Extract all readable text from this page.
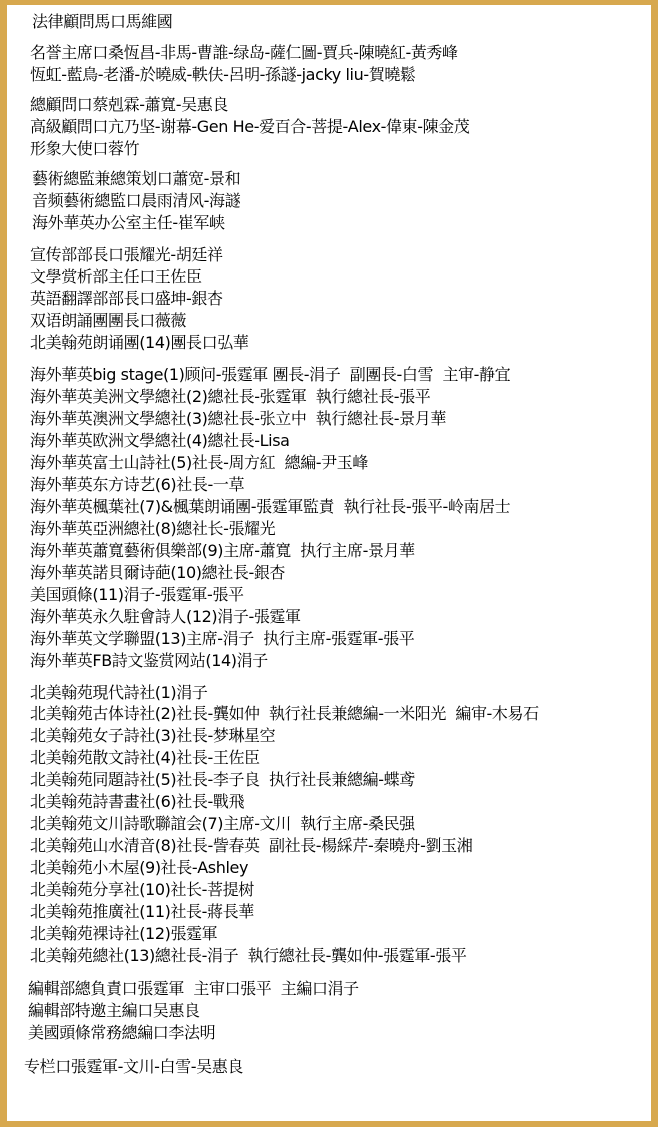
法律顧問馬口馬維國
名誉主席口桑恆昌-非馬-曹誰-绿岛-薩仁圖-賈兵-陳曉紅-黃秀峰
恆虹-藍鳥-老潘-於曉威-軼伕-呂明-孫譢-jacky liu-賀曉鬆
總顧問口蔡剋霖-蕭寬-吴惠良
高級顧問口亢乃坚-谢幕-Gen He-爱百合-菩提-Alex-偉東-陳金茂
形象大使口蓉竹
藝術總監兼總策划口蕭宽-景和
音频藝術總監口晨雨清风-海譢
海外華英办公室主任-崔军峡
宣传部部長口張耀光-胡廷祥
文學赏析部主任口王佐臣
英語翻譯部部長口盛坤-銀杏
双语朗誦團團長口薇薇
北美翰苑朗诵團(14)團長口弘華
海外華英big stage(1)顾问-張霆軍 團長-涓子  副團長-白雪  主审-静宜
海外華英美洲文學總社(2)總社長-张霆軍  執行總社長-張平
海外華英澳洲文學總社(3)總社長-张立中  執行總社長-景月華
海外華英欧洲文學總社(4)總社長-Lisa
海外華英富士山詩社(5)社長-周方紅  總編-尹玉峰
海外華英东方诗艺(6)社長-一草
海外華英楓葉社(7)&楓葉朗诵團-張霆軍監責  執行社長-張平-岭南居士
海外華英亞洲總社(8)總社长-張耀光
海外華英蕭寬藝術俱樂部(9)主席-蕭寬  执行主席-景月華
海外華英諾貝爾诗葩(10)總社長-銀杏
美国頭條(11)涓子-張霆軍-張平
海外華英永久駐會詩人(12)涓子-張霆軍
海外華英文学聯盟(13)主席-涓子  执行主席-張霆軍-張平
海外華英FB詩文鉴赏网站(14)涓子
北美翰苑現代詩社(1)涓子
北美翰苑古体诗社(2)社長-龔如仲  執行社長兼總編-一米阳光  編审-木易石
北美翰苑女子詩社(3)社長-梦琳星空
北美翰苑散文詩社(4)社長-王佐臣
北美翰苑同題詩社(5)社長-李子良  执行社長兼總編-蝶鸢
北美翰苑詩書畫社(6)社長-戰飛
北美翰苑文川詩歌聯誼会(7)主席-文川  執行主席-桑民强
北美翰苑山水清音(8)社長-訾春英  副社長-楊綵芹-秦曉舟-劉玉湘
北美翰苑小木屋(9)社長-Ashley
北美翰苑分享社(10)社长-菩提树
北美翰苑推廣社(11)社長-蔣長華
北美翰苑裸诗社(12)張霆軍
北美翰苑總社(13)總社長-涓子  執行總社長-龔如仲-張霆軍-張平
編輯部總負責口張霆軍  主审口張平  主編口涓子
編輯部特邀主編口吴惠良
美國頭條常務總編口李法明
专栏口張霆軍-文川-白雪-吴惠良
